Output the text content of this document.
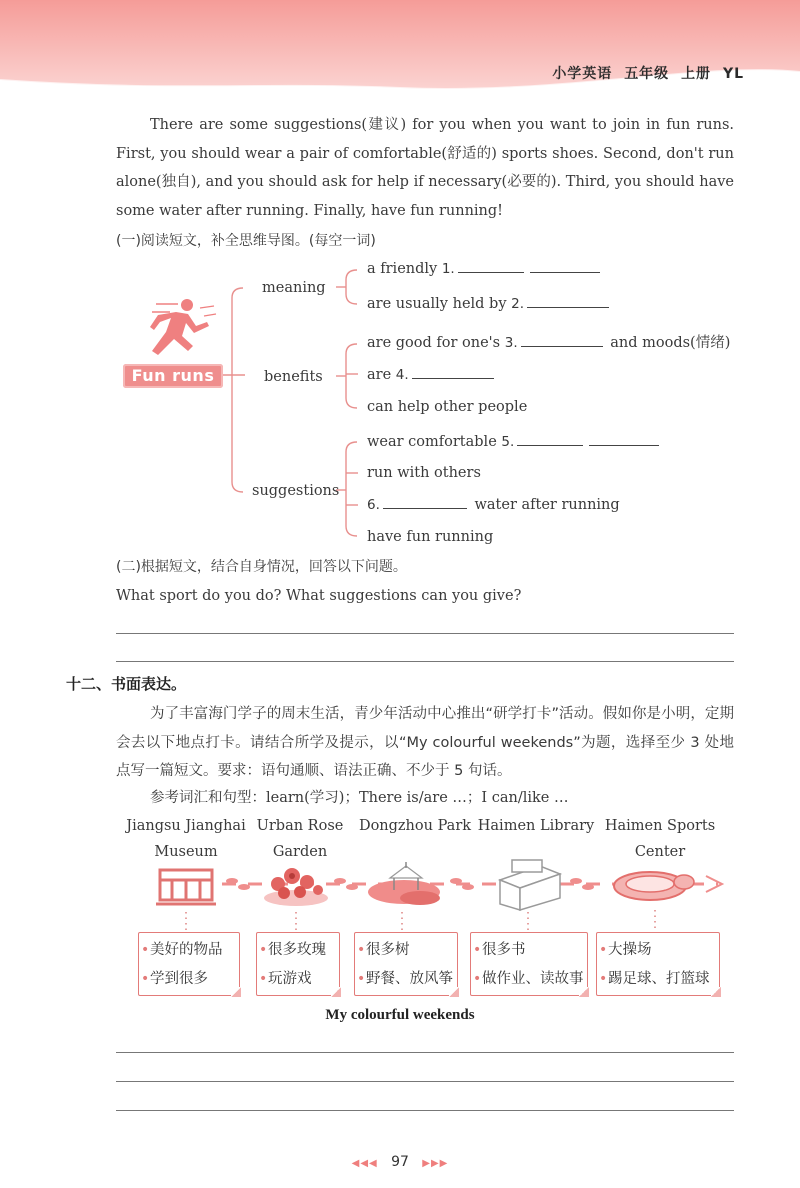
小学英语 五年级 上册 YL
There are some suggestions(建议) for you when you want to join in fun runs. First, you should wear a pair of comfortable(舒适的) sports shoes. Second, don't run alone(独自), and you should ask for help if necessary(必要的). Third, you should have some water after running. Finally, have fun running!
(一)阅读短文，补全思维导图。(每空一词)
Fun runs
meaning
benefits
suggestions
a friendly 1.
are usually held by 2.
are good for one's 3.	and moods(情绪)
are 4.
can help other people
wear comfortable 5.
run with others
6.	water after running
have fun running
(二)根据短文，结合自身情况，回答以下问题。
What sport do you do? What suggestions can you give?
十二、书面表达。
为了丰富海门学子的周末生活，青少年活动中心推出“研学打卡”活动。假如你是小明，定期会去以下地点打卡。请结合所学及提示，以“My colourful weekends”为题，选择至少 3 处地点写一篇短文。要求：语句通顺、语法正确、不少于 5 句话。
参考词汇和句型：learn(学习)；There is/are …；I can/like …
Jiangsu Jianghai
Museum
Urban Rose
Garden
Dongzhou Park Haimen Library Haimen Sports
Center
• 美好的物品
• 学到很多
• 很多玫瑰
• 玩游戏
• 很多树
• 野餐、放风筝
• 很多书
• 做作业、读故事
• 大操场
• 踢足球、打篮球
My colourful weekends
◀◀◀ 97 ▶▶▶
